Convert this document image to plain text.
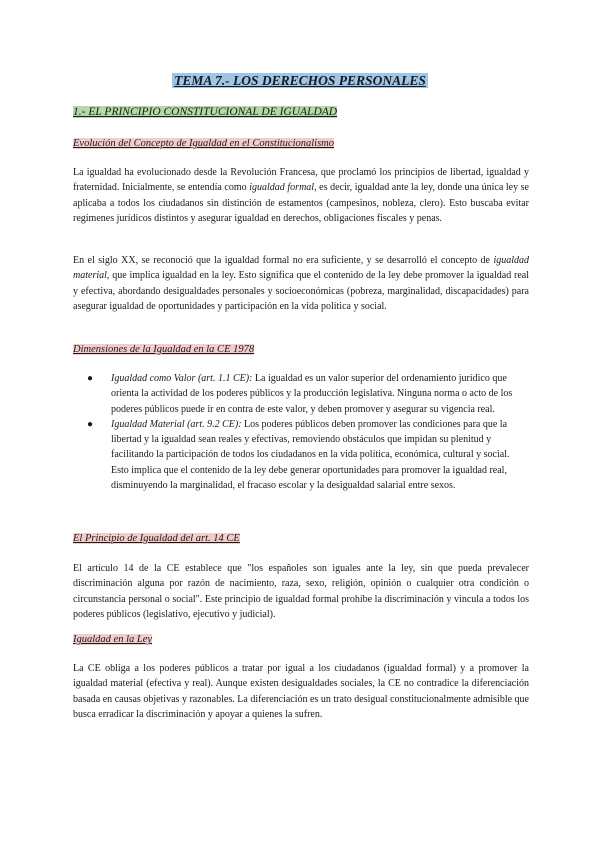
TEMA 7.- LOS DERECHOS PERSONALES
1.- EL PRINCIPIO CONSTITUCIONAL DE IGUALDAD
Evolución del Concepto de Igualdad en el Constitucionalismo

La igualdad ha evolucionado desde la Revolución Francesa, que proclamó los principios de libertad, igualdad y fraternidad. Inicialmente, se entendía como igualdad formal, es decir, igualdad ante la ley, donde una única ley se aplicaba a todos los ciudadanos sin distinción de estamentos (campesinos, nobleza, clero). Esto buscaba evitar regímenes jurídicos distintos y asegurar igualdad en derechos, obligaciones fiscales y penas.

En el siglo XX, se reconoció que la igualdad formal no era suficiente, y se desarrolló el concepto de igualdad material, que implica igualdad en la ley. Esto significa que el contenido de la ley debe promover la igualdad real y efectiva, abordando desigualdades personales y socioeconómicas (pobreza, marginalidad, discapacidades) para asegurar igualdad de oportunidades y participación en la vida política y social.

Dimensiones de la Igualdad en la CE 1978
● Igualdad como Valor (art. 1.1 CE): La igualdad es un valor superior del ordenamiento jurídico que orienta la actividad de los poderes públicos y la producción legislativa. Ninguna norma o acto de los poderes públicos puede ir en contra de este valor, y deben promover y asegurar su vigencia real.
● Igualdad Material (art. 9.2 CE): Los poderes públicos deben promover las condiciones para que la libertad y la igualdad sean reales y efectivas, removiendo obstáculos que impidan su plenitud y facilitando la participación de todos los ciudadanos en la vida política, económica, cultural y social. Esto implica que el contenido de la ley debe generar oportunidades para promover la igualdad real, disminuyendo la marginalidad, el fracaso escolar y la desigualdad salarial entre sexos.
El Principio de Igualdad del art. 14 CE

El artículo 14 de la CE establece que "los españoles son iguales ante la ley, sin que pueda prevalecer discriminación alguna por razón de nacimiento, raza, sexo, religión, opinión o cualquier otra condición o circunstancia personal o social". Este principio de igualdad formal prohíbe la discriminación y vincula a todos los poderes públicos (legislativo, ejecutivo y judicial).

Igualdad en la Ley

La CE obliga a los poderes públicos a tratar por igual a los ciudadanos (igualdad formal) y a promover la igualdad material (efectiva y real). Aunque existen desigualdades sociales, la CE no contradice la diferenciación basada en causas objetivas y razonables. La diferenciación es un trato desigual constitucionalmente admisible que busca erradicar la discriminación y apoyar a quienes la sufren.
